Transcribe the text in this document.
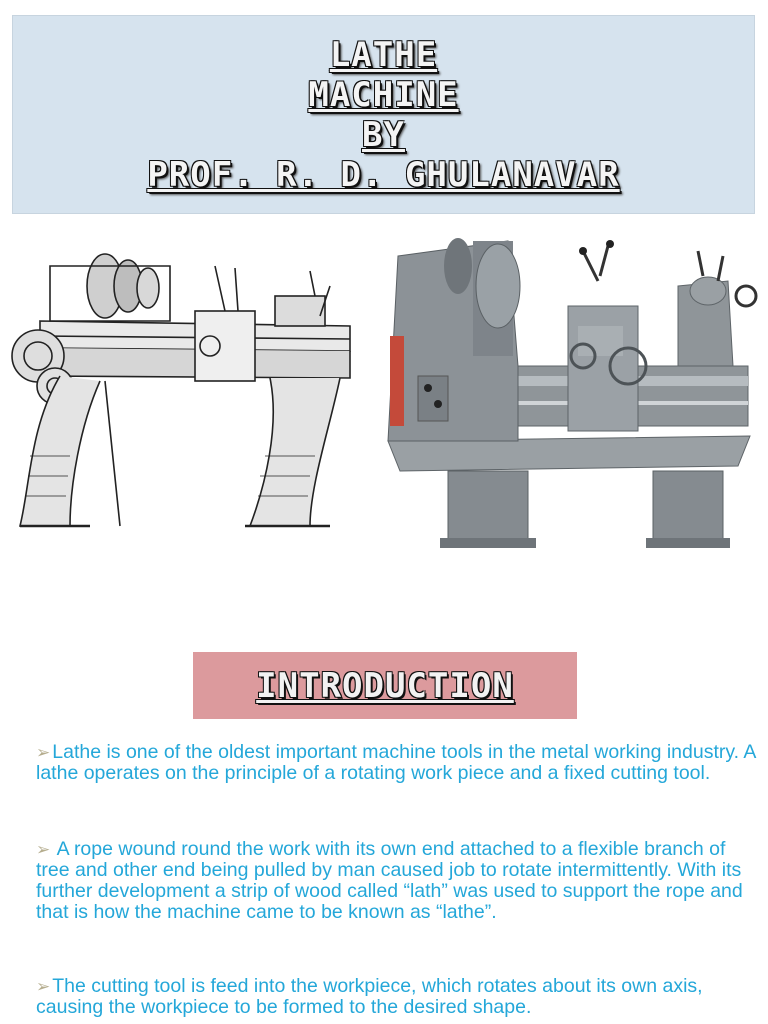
LATHE

MACHINE

BY

PROF. R. D. GHULANAVAR

INTRODUCTION

➢ Lathe is one of the oldest important machine tools in the metal working industry. A lathe operates on the principle of a rotating work piece and a fixed cutting tool.

➢ A rope wound round the work with its own end attached to a flexible branch of tree and other end being pulled by man caused job to rotate intermittently. With its further development a strip of wood called “lath” was used to support the rope and that is how the machine came to be known as “lathe”.

➢ The cutting tool is feed into the workpiece, which rotates about its own axis, causing the workpiece to be formed to the desired shape.
